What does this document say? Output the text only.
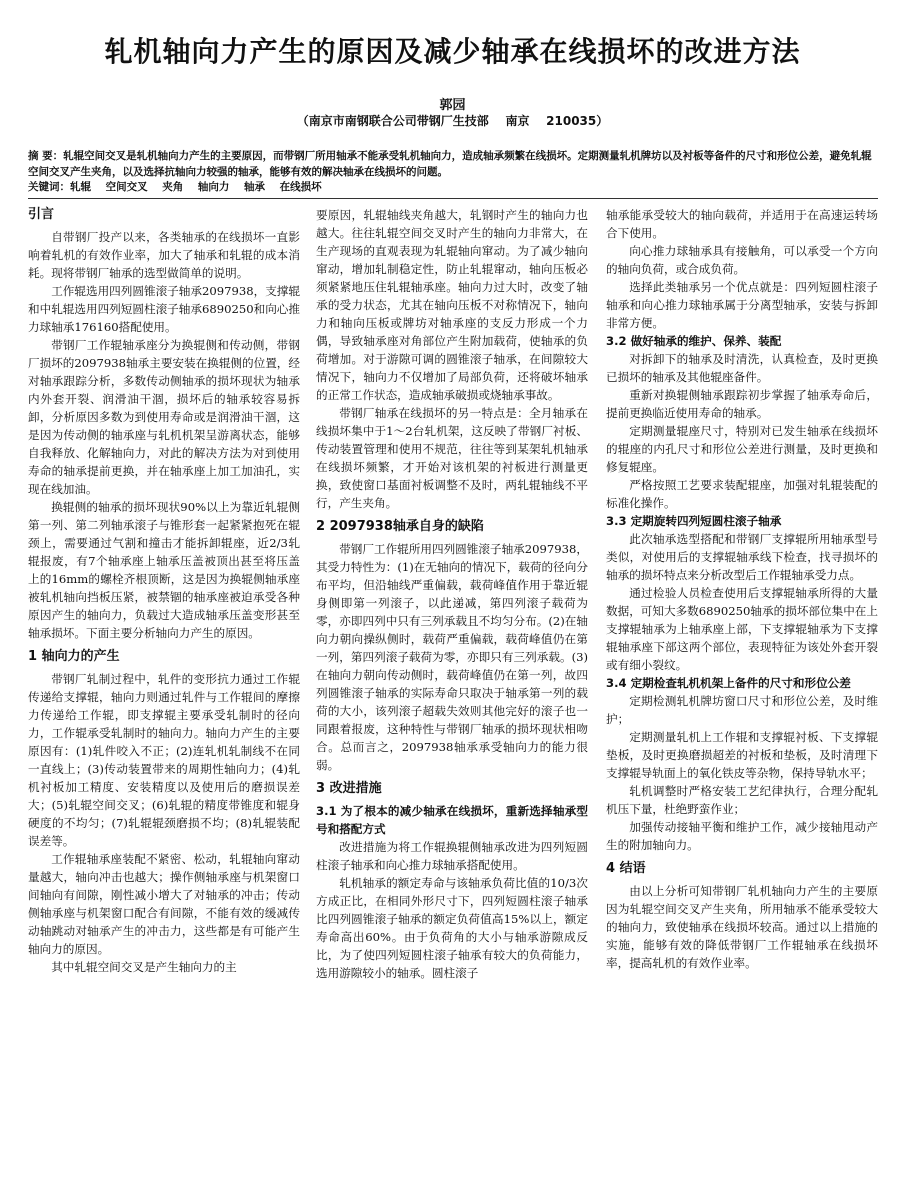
轧机轴向力产生的原因及减少轴承在线损坏的改进方法
郭园
（南京市南钢联合公司带钢厂生技部    南京    210035）
摘 要：轧辊空间交叉是轧机轴向力产生的主要原因，而带钢厂所用轴承不能承受轧机轴向力，造成轴承频繁在线损坏。定期测量轧机牌坊以及衬板等备件的尺寸和形位公差，避免轧辊空间交叉产生夹角，以及选择抗轴向力较强的轴承，能够有效的解决轴承在线损坏的问题。
关键词：轧辊    空间交叉    夹角    轴向力    轴承    在线损坏
引言

自带钢厂投产以来，各类轴承的在线损坏一直影响着轧机的有效作业率，加大了轴承和轧辊的成本消耗。现将带钢厂轴承的选型做简单的说明。

工作辊选用四列圆锥滚子轴承2097938，支撑辊和中轧辊选用四列短圆柱滚子轴承6890250和向心推力球轴承176160搭配使用。

带钢厂工作辊轴承座分为换辊侧和传动侧，带钢厂损坏的2097938轴承主要安装在换辊侧的位置，经对轴承跟踪分析，多数传动侧轴承的损坏现状为轴承内外套开裂、润滑油干涸，损坏后的轴承较容易拆卸，分析原因多数为到使用寿命或是润滑油干涸，这是因为传动侧的轴承座与轧机机架呈游离状态，能够自我释放、化解轴向力，对此的解决方法为对到使用寿命的轴承提前更换，并在轴承座上加工加油孔，实现在线加油。

换辊侧的轴承的损坏现状90%以上为靠近轧辊侧第一列、第二列轴承滚子与锥形套一起紧紧抱死在辊颈上，需要通过气割和撞击才能拆卸辊座，近2/3轧辊报废，有7个轴承座上轴承压盖被顶出甚至将压盖上的16mm的螺栓齐根顶断，这是因为换辊侧轴承座被轧机轴向挡板压紧，被禁锢的轴承座被迫承受各种原因产生的轴向力，负载过大造成轴承压盖变形甚至轴承损坏。下面主要分析轴向力产生的原因。

1 轴向力的产生

带钢厂轧制过程中，轧件的变形抗力通过工作辊传递给支撑辊，轴向力则通过轧件与工作辊间的摩擦力传递给工作辊，即支撑辊主要承受轧制时的径向力，工作辊承受轧制时的轴向力。轴向力产生的主要原因有：(1)轧件咬入不正；(2)连轧机轧制线不在同一直线上；(3)传动装置带来的周期性轴向力；(4)轧机衬板加工精度、安装精度以及使用后的磨损误差大；(5)轧辊空间交叉；(6)轧辊的精度带锥度和辊身硬度的不均匀；(7)轧辊辊颈磨损不均；(8)轧辊装配误差等。

工作辊轴承座装配不紧密、松动，轧辊轴向窜动量越大，轴向冲击也越大；操作侧轴承座与机架窗口间轴向有间隙，刚性减小增大了对轴承的冲击；传动侧轴承座与机架窗口配合有间隙，不能有效的缓减传动轴跳动对轴承产生的冲击力，这些都是有可能产生轴向力的原因。

其中轧辊空间交叉是产生轴向力的主

要原因，轧辊轴线夹角越大，轧钢时产生的轴向力也越大。往往轧辊空间交叉时产生的轴向力非常大，在生产现场的直观表现为轧辊轴向窜动。为了减少轴向窜动，增加轧制稳定性，防止轧辊窜动，轴向压板必须紧紧地压住轧辊轴承座。轴向力过大时，改变了轴承的受力状态，尤其在轴向压板不对称情况下，轴向力和轴向压板或牌坊对轴承座的支反力形成一个力偶，导致轴承座对角部位产生附加载荷，使轴承的负荷增加。对于游隙可调的圆锥滚子轴承，在间隙较大情况下，轴向力不仅增加了局部负荷，还将破坏轴承的正常工作状态，造成轴承破损或烧轴承事故。

带钢厂轴承在线损坏的另一特点是：全月轴承在线损坏集中于1～2台轧机架，这反映了带钢厂衬板、传动装置管理和使用不规范，往往等到某架轧机轴承在线损坏频繁，才开始对该机架的衬板进行测量更换，致使窗口基面衬板调整不及时，两轧辊轴线不平行，产生夹角。

2 2097938轴承自身的缺陷

带钢厂工作辊所用四列圆锥滚子轴承2097938，其受力特性为：(1)在无轴向的情况下，载荷的径向分布平均，但沿轴线严重偏载，载荷峰值作用于靠近辊身侧即第一列滚子，以此递减，第四列滚子载荷为零，亦即四列中只有三列承载且不均匀分布。(2)在轴向力朝向操纵侧时，载荷严重偏载，载荷峰值仍在第一列，第四列滚子载荷为零，亦即只有三列承载。(3)在轴向力朝向传动侧时，载荷峰值仍在第一列，故四列圆锥滚子轴承的实际寿命只取决于轴承第一列的载荷的大小，该列滚子超载失效则其他完好的滚子也一同跟着报废，这种特性与带钢厂轴承的损坏现状相吻合。总而言之，2097938轴承承受轴向力的能力很弱。

3 改进措施
3.1 为了根本的减少轴承在线损坏，重新选择轴承型号和搭配方式

改进措施为将工作辊换辊侧轴承改进为四列短圆柱滚子轴承和向心推力球轴承搭配使用。

轧机轴承的额定寿命与该轴承负荷比值的10/3次方成正比，在相同外形尺寸下，四列短圆柱滚子轴承比四列圆锥滚子轴承的额定负荷值高15%以上，额定寿命高出60%。由于负荷角的大小与轴承游隙成反比，为了使四列短圆柱滚子轴承有较大的负荷能力，选用游隙较小的轴承。圆柱滚子

轴承能承受较大的轴向载荷，并适用于在高速运转场合下使用。

向心推力球轴承具有接触角，可以承受一个方向的轴向负荷，或合成负荷。

选择此类轴承另一个优点就是：四列短圆柱滚子轴承和向心推力球轴承属于分离型轴承，安装与拆卸非常方便。

3.2 做好轴承的维护、保养、装配

对拆卸下的轴承及时清洗，认真检查，及时更换已损坏的轴承及其他辊座备件。

重新对换辊侧轴承跟踪初步掌握了轴承寿命后，提前更换临近使用寿命的轴承。

定期测量辊座尺寸，特别对已发生轴承在线损坏的辊座的内孔尺寸和形位公差进行测量，及时更换和修复辊座。

严格按照工艺要求装配辊座，加强对轧辊装配的标准化操作。

3.3 定期旋转四列短圆柱滚子轴承

此次轴承选型搭配和带钢厂支撑辊所用轴承型号类似，对使用后的支撑辊轴承线下检查，找寻损坏的轴承的损坏特点来分析改型后工作辊轴承受力点。

通过检验人员检查使用后支撑辊轴承所得的大量数据，可知大多数6890250轴承的损坏部位集中在上支撑辊轴承为上轴承座上部，下支撑辊轴承为下支撑辊轴承座下部这两个部位，表现特征为该处外套开裂或有细小裂纹。

3.4 定期检查轧机机架上备件的尺寸和形位公差

定期检测轧机牌坊窗口尺寸和形位公差，及时维护；

定期测量轧机上工作辊和支撑辊衬板、下支撑辊垫板，及时更换磨损超差的衬板和垫板，及时清理下支撑辊导轨面上的氧化铁皮等杂物，保持导轨水平；

轧机调整时严格安装工艺纪律执行，合理分配轧机压下量，杜绝野蛮作业；

加强传动接轴平衡和维护工作，减少接轴甩动产生的附加轴向力。

4 结语

由以上分析可知带钢厂轧机轴向力产生的主要原因为轧辊空间交叉产生夹角，所用轴承不能承受较大的轴向力，致使轴承在线损坏较高。通过以上措施的实施，能够有效的降低带钢厂工作辊轴承在线损坏率，提高轧机的有效作业率。
